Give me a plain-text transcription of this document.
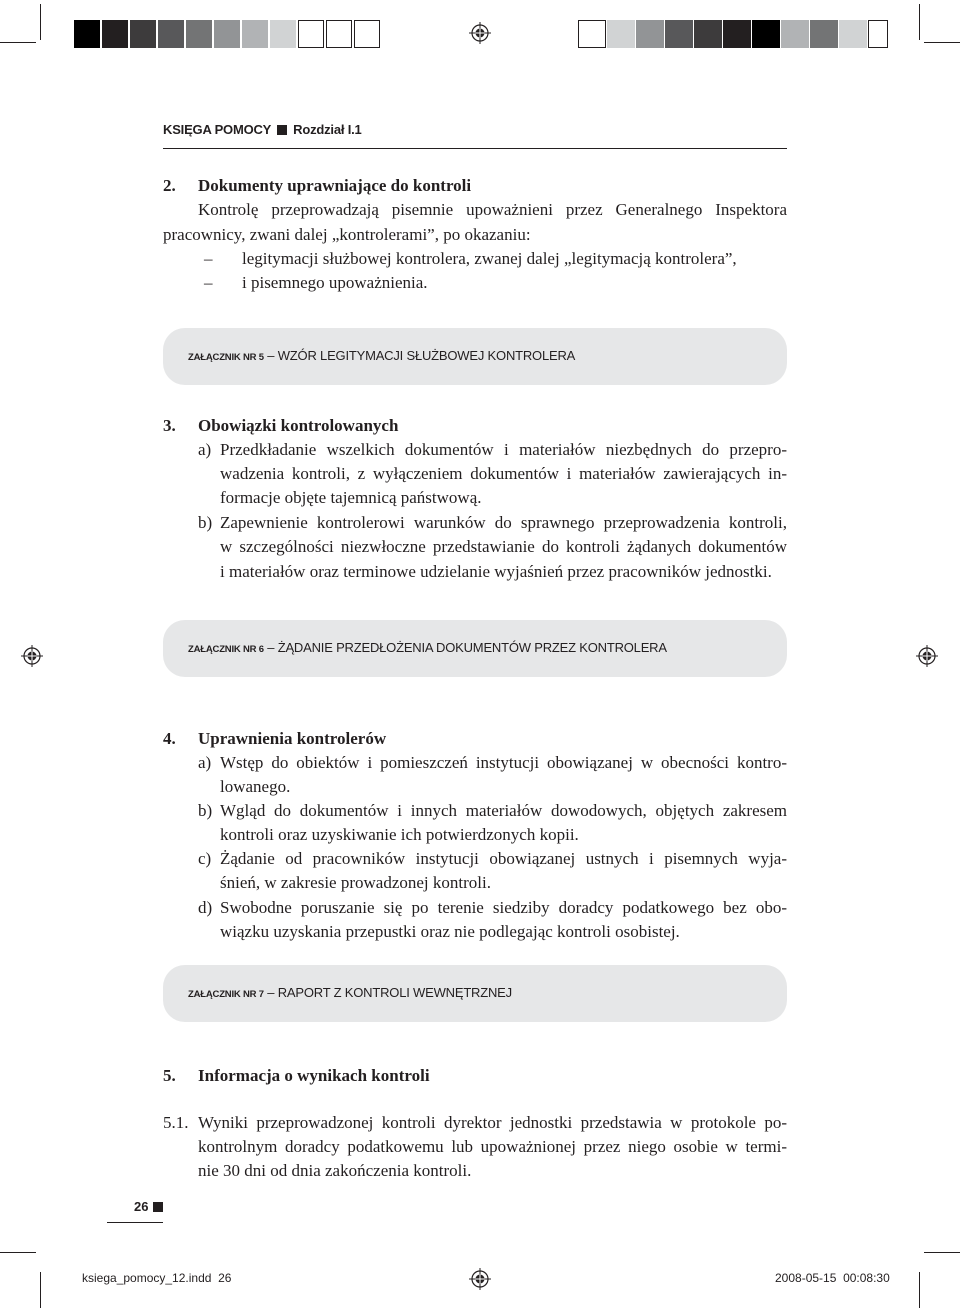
KSIĘGA POMOCY Rozdział I.1
2. Dokumenty uprawniające do kontroli
Kontrolę przeprowadzają pisemnie upoważnieni przez Generalnego Inspektora
pracownicy, zwani dalej „kontrolerami”, po okazaniu:
– legitymacji służbowej kontrolera, zwanej dalej „legitymacją kontrolera”,
– i pisemnego upoważnienia.
ZAŁĄCZNIK NR 5 – WZÓR LEGITYMACJI SŁUŻBOWEJ KONTROLERA
3. Obowiązki kontrolowanych
a) Przedkładanie wszelkich dokumentów i materiałów niezbędnych do przepro-
wadzenia kontroli, z wyłączeniem dokumentów i materiałów zawierających in-
formacje objęte tajemnicą państwową.
b) Zapewnienie kontrolerowi warunków do sprawnego przeprowadzenia kontroli,
w szczególności niezwłoczne przedstawianie do kontroli żądanych dokumentów
i materiałów oraz terminowe udzielanie wyjaśnień przez pracowników jednostki.
ZAŁĄCZNIK NR 6 – ŻĄDANIE PRZEDŁOŻENIA DOKUMENTÓW PRZEZ KONTROLERA
4. Uprawnienia kontrolerów
a) Wstęp do obiektów i pomieszczeń instytucji obowiązanej w obecności kontro-
lowanego.
b) Wgląd do dokumentów i innych materiałów dowodowych, objętych zakresem
kontroli oraz uzyskiwanie ich potwierdzonych kopii.
c) Żądanie od pracowników instytucji obowiązanej ustnych i pisemnych wyja-
śnień, w zakresie prowadzonej kontroli.
d) Swobodne poruszanie się po terenie siedziby doradcy podatkowego bez obo-
wiązku uzyskania przepustki oraz nie podlegając kontroli osobistej.
ZAŁĄCZNIK NR 7 – RAPORT Z KONTROLI WEWNĘTRZNEJ
5. Informacja o wynikach kontroli
5.1. Wyniki przeprowadzonej kontroli dyrektor jednostki przedstawia w protokole po-
kontrolnym doradcy podatkowemu lub upoważnionej przez niego osobie w termi-
nie 30 dni od dnia zakończenia kontroli.
26
ksiega_pomocy_12.indd 26	2008-05-15 00:08:30
